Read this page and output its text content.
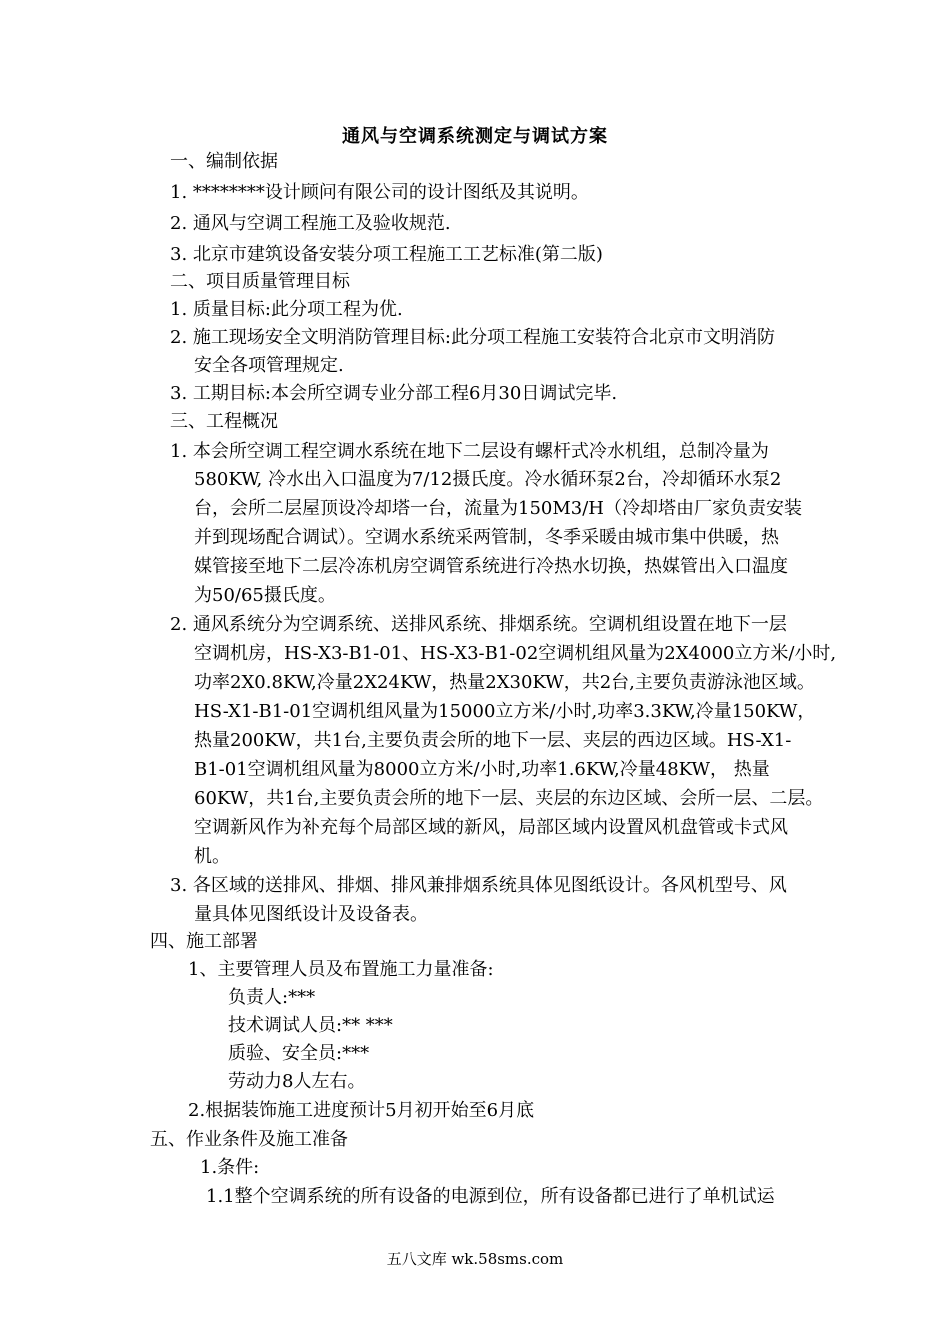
通风与空调系统测定与调试方案
一、编制依据
1. ********设计顾问有限公司的设计图纸及其说明。
2. 通风与空调工程施工及验收规范.
3. 北京市建筑设备安装分项工程施工工艺标准(第二版)
二、项目质量管理目标
1. 质量目标:此分项工程为优.
2. 施工现场安全文明消防管理目标:此分项工程施工安装符合北京市文明消防
安全各项管理规定.
3. 工期目标:本会所空调专业分部工程6月30日调试完毕.
三、工程概况
1. 本会所空调工程空调水系统在地下二层设有螺杆式冷水机组，总制冷量为
580KW, 冷水出入口温度为7/12摄氏度。冷水循环泵2台，冷却循环水泵2
台，会所二层屋顶设冷却塔一台，流量为150M3/H（冷却塔由厂家负责安装
并到现场配合调试）。空调水系统采两管制，冬季采暖由城市集中供暖，热
媒管接至地下二层冷冻机房空调管系统进行冷热水切换，热媒管出入口温度
为50/65摄氏度。
2. 通风系统分为空调系统、送排风系统、排烟系统。空调机组设置在地下一层
空调机房，HS-X3-B1-01、HS-X3-B1-02空调机组风量为2X4000立方米/小时,
功率2X0.8KW,冷量2X24KW，热量2X30KW，共2台,主要负责游泳池区域。
HS-X1-B1-01空调机组风量为15000立方米/小时,功率3.3KW,冷量150KW，
热量200KW，共1台,主要负责会所的地下一层、夹层的西边区域。HS-X1-
B1-01空调机组风量为8000立方米/小时,功率1.6KW,冷量48KW， 热量
60KW，共1台,主要负责会所的地下一层、夹层的东边区域、会所一层、二层。
空调新风作为补充每个局部区域的新风，局部区域内设置风机盘管或卡式风
机。
3. 各区域的送排风、排烟、排风兼排烟系统具体见图纸设计。各风机型号、风
量具体见图纸设计及设备表。
四、施工部署
1、主要管理人员及布置施工力量准备:
负责人:***
技术调试人员:** ***
质验、安全员:***
劳动力8人左右。
2.根据装饰施工进度预计5月初开始至6月底
五、作业条件及施工准备
1.条件:
1.1整个空调系统的所有设备的电源到位，所有设备都已进行了单机试运
五八文库 wk.58sms.com
